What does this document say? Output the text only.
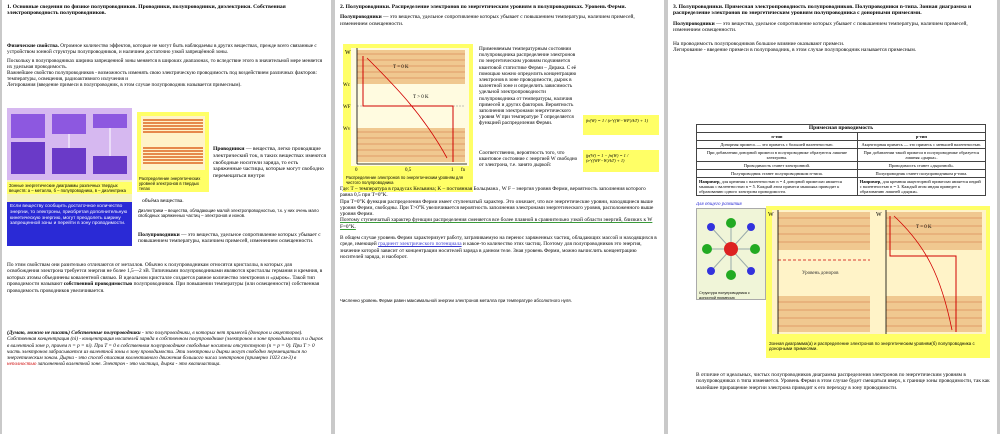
1. Основные сведения по физике полупроводников. Проводники, полупроводники, диэлектрики. Собственная электропроводность полупроводников.

Физические свойства. Огромное количество эффектов, которые не могут быть наблюдаемы в других веществах, прежде всего связанные с устройством зонной структуры полупроводников, и наличием достаточно узкой запрещённой зоны.

Поскольку в полупроводниках ширина запрещенной зоны меняется в широких диапазонах, то вследствие этого в значительной мере меняется их удельная проводимость.

Важнейшее свойство полупроводников - возможность изменять свою электрическую проводимость под воздействием различных факторов: температуры, освещения, радиоактивного излучения и

Легирования (введение примеси в полупроводник, в этом случае полупроводник называется примесным).

Зонные энергетические диаграммы различных твердых веществ: а – металла, б – полупроводника, в – диэлектрика
Распределение энергетических уровней электронов в твердых телах
Если веществу сообщить достаточное количество энергии, то электроны, приобретая дополнительную кинетическую энергию, могут преодолеть ширину запрещенной зоны и перейти в зону проводимости.
Проводники — вещества, легко проводящие электрический ток, в таких веществах имеются свободные носители заряда, то есть заряженные частицы, которые могут свободно перемещаться внутри
объёма вещества.
Диэлектрики – вещества, обладающие малой электропроводностью, т.к. у них очень мало свободных заряженных частиц – электронов и ионов.
Полупроводники — это вещества, удельное сопротивление которых убывает с повышением температуры, наличием примесей, изменением освещенности.
По этим свойствам они разительно отличаются от металлов. Обычно к полупроводникам относятся кристаллы, в которых для освобождения электрона требуется энергия не более 1,5—2 эВ. Типичными полупроводниками являются кристаллы германия и кремния, в которых атомы объединены ковалентной связью. В идеальном кристалле создается равное количество электронов и «дырок». Такой тип проводимости называют собственной проводимостью полупроводников. При повышении температуры (или освещенности) собственная проводимость проводников увеличивается.
(Думаю, можно не писать) Собственные полупроводники - это полупроводники, в которых нет примесей (доноров и акцепторов). Собственная концентрация (ni) - концентрация носителей заряда в собственном полупроводнике (электронов в зоне проводимости n и дырок в валентной зоне p, причем n = p = ni). При T = 0 в собственном полупроводнике свободные носители отсутствуют (n = p = 0). При T > 0 часть электронов забрасывается из валентной зоны в зону проводимости. Эти электроны и дырки могут свободно перемещаться по энергетическим зонам. Дырка - это способ описания коллективного движения большого числа электронов (примерно 1023 см-3) в неполностью заполненной валентной зоне. Электрон - это частица, дырка - это квазичастица.
2. Полупроводники. Распределение электронов по энергетическим уровням в полупроводниках. Уровень Ферми.

Полупроводники — это вещества, удельное сопротивление которых убывает с повышением температуры, наличием примесей, изменением освещенности.

W
Wc
WF
Wv
T = 0 K
T > 0 K
0	0,5	1 fn
Распределение электронов по энергетическим уровням для чистого полупроводника
Применяемым температурным состоянии полупроводника распределение электронов по энергетическим уровням подчиняется квантовой статистике Ферми – Дирака. С её помощью можно определить концентрацию электронов в зоне проводимости, дырок в валентной зоне и определить зависимость удельной электропроводности полупроводника от температуры, наличия примесей и других факторов. Вероятность заполнения электронами энергетического уровня W при температуре T определяется функцией распределения Ферми.
Соответственно, вероятность того, что квантовое состояние с энергией W свободно от электрона, т.е. занято дыркой:
fn(W) = 1 / (e^((W−WF)/kT) + 1)
fp(W) = 1 − fn(W) = 1 / (e^((WF−W)/kT) + 1)

Где: T – температура в градусах Кельвина; K – постоянная Больцмана , W F – энергия уровня Ферми, вероятность заполнения которого равна 0,5 при T=0°K.

При T=0°K функция распределения Ферми имеет ступенчатый характер. Это означает, что все энергетические уровни, находящиеся выше уровня Ферми, свободны. При T>0°K увеличивается вероятность заполнения электронами энергетического уровня, расположенного выше уровня Ферми.

Поэтому ступенчатый характер функции распределения сменяется все более плавной в сравнительно узкой области энергий, близких к W F=0°K.

В общем случае уровень Ферми характеризует работу, затрачиваемую на перенос заряженных частиц, обладающих массой и находящихся в среде, имеющей градиент электрического потенциала и какое-то количество этих частиц. Поэтому для полупроводников это энергия, значение которой зависит от концентрации носителей заряда в данном теле. Зная уровень Ферми, можно вычислить концентрацию носителей заряда, и наоборот.

Численно уровень Ферми равен максимальной энергии электронов металла при температуре абсолютного нуля.
3. Полупроводники. Примесная электропроводность полупроводников. Полупроводники n-типа. Зонная диаграмма и распределение электронов по энергетическим уровням полупроводника с донорными примесями.

Полупроводники — это вещества, удельное сопротивление которых убывает с повышением температуры, наличием примесей, изменением освещенности.

На проводимость полупроводников большое влияние оказывают примеси.

Легирование - введение примеси в полупроводник, в этом случае полупроводник называется примесным.

Примесная проводимость	
n-тип	p-тип
Донорная примесь — это примесь с большей валентностью.	Акцепторная примесь — это примесь с меньшей валентностью.
При добавлении донорной примеси в полупроводнике образуются лишние электроны.	При добавлении такой примеси в полупроводнике образуется лишняя «дырка».
Проводимость станет электронной.	Проводимость станет «дырочной».
Полупроводник станет полупроводником n-типа.	Полупроводник станет полупроводником p-типа.
Например, для кремния с валентностью n = 4 донорной примесью является мышьяк с валентностью n = 5. Каждый атом примеси мышьяка приводит к образованию одного электрона проводимости.	Например, для кремния акцепторной примесью является индий с валентностью n = 3. Каждый атом индия приведет к образованию лишней «дырки».
Для общего развития
Структура полупроводника с донорной примесью
Уровень доноров
W	W
T = 0 K
Зонная диаграмма(а) и распределение электронов по энергетическим уровням(б) полупроводника с донорными примесями.
В отличие от идеальных, чистых полупроводников диаграмма распределения электронов по энергетическим уровням в полупроводниках n типа изменяется. Уровень Ферми в этом случае будет смещаться вверх, к границе зоны проводимости, так как малейшее приращение энергии электрона приводит к его переходу в зону проводимости.
